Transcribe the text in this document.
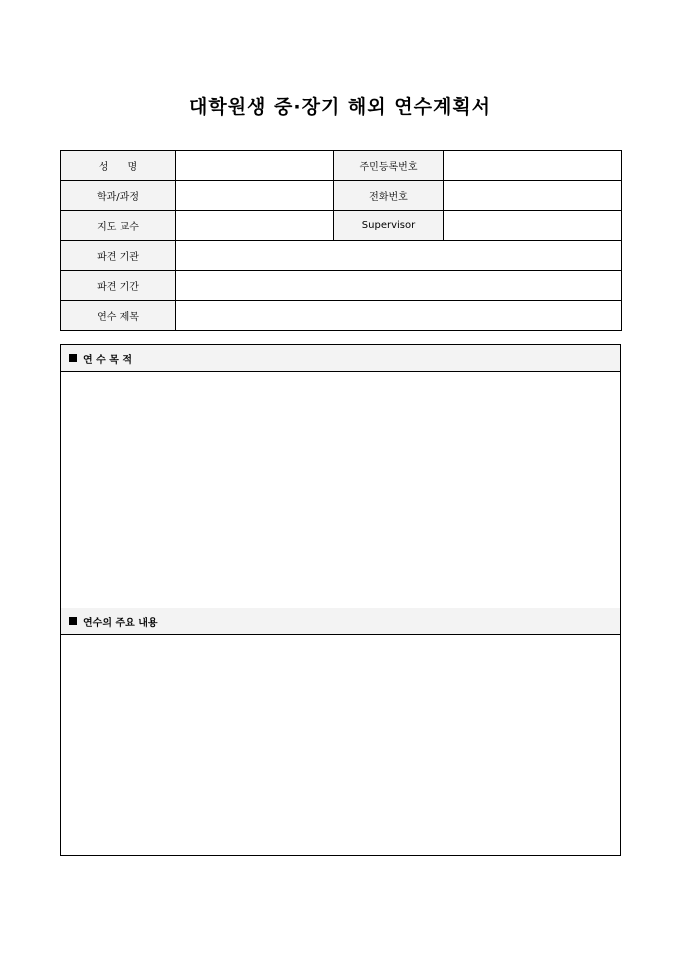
대학원생 중·장기 해외 연수계획서
성      명		주민등록번호	
학과/과정		전화번호	
지도 교수		Supervisor	
파견 기관			
파견 기간			
연수 제목			
연 수 목 적
연수의 주요 내용
